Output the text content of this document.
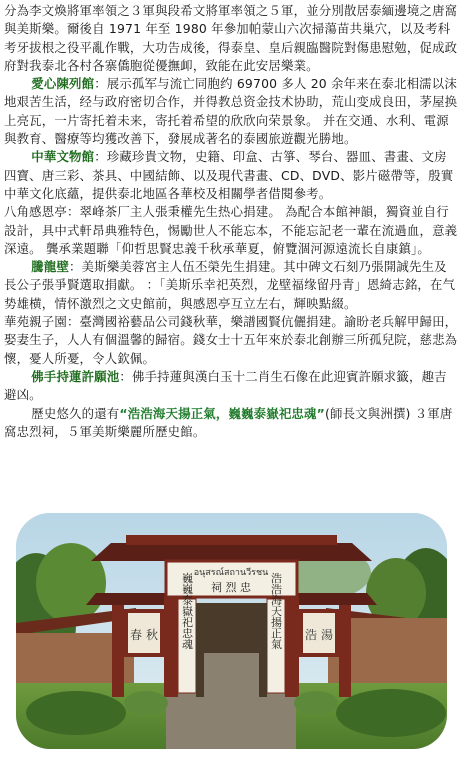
分為李文煥將軍率領之３軍與段希文將軍率領之５軍，並分別散居泰緬邊境之唐窩與美斯樂。爾後自 1971 年至 1980 年參加帕蒙山六次掃蕩苗共巢穴，以及考科考牙拔根之役平亂作戰，大功告成後，得泰皇、皇后親臨醫院對傷患慰勉，促成政府對我泰北各村各寨僑胞從優撫卹，致能在此安居樂業。

愛心陳列館：展示孤军与流亡同胞约 69700 多人 20 余年来在泰北相濡以沫地艰苦生活，经与政府密切合作，并得教总资金技术协助，荒山变成良田，茅屋换上亮瓦，一片寄托着未来，寄托着希望的欣欣向荣景象。 并在交通、水利、電源與教育、醫療等均獲改善下，發展成著名的泰國旅遊觀光勝地。

中華文物館：珍藏珍貴文物，史籍、印盒、古箏、琴台、器皿、書畫、文房四寶、唐三彩、茶具、中國結飾、以及現代書畫、CD、DVD、影片磁帶等，殷實中華文化底蘊，提供泰北地區各華校及相關學者借閱參考。

八角感恩亭：翠峰茶厂主人張秉權先生热心捐建。 為配合本館神韻，獨資並自行設計，具中式軒昂典雅特色，惕勵世人不能忘本，不能忘記老一輩在流過血，意義深遠。 龔承業題聯「仰哲思賢忠義千秋承華夏，俯覽涸河源遠流长自康鎮」。

騰龍壁：美斯樂美蓉宮主人伍丕榮先生捐建。其中碑文石刻乃張開誠先生及長公子張爭賢選取捐獻。 ：「美斯乐幸祀英烈，龙壁福缘留丹青」恩綺志銘，在气势雄横，情怀激烈之文史館前，與感恩亭互立左右，輝映點綴。

華苑親子園：臺灣國裕藝品公司錢秋華，樂譜國賢伉儷捐建。諭盼老兵解甲歸田，娶妻生子，人人有個溫馨的歸宿。錢女士十五年來於泰北創辦三所孤兒院，慈悲為懷，憂人所憂，令人欽佩。

佛手持蓮許願池：佛手持蓮與漢白玉十二肖生石像在此迎賓許願求籤，趣吉避凶。

歷史悠久的還有“浩浩海天揚正氣，巍巍泰嶽祀忠魂”(師長文與洲撰) ３軍唐窩忠烈祠，５軍美斯樂麗所歷史館。

อนุสรณ์สถานวีรชน
祠 烈 忠
巍巍泰嶽祀忠魂	浩浩海天揚正氣
春 秋	浩 湯
